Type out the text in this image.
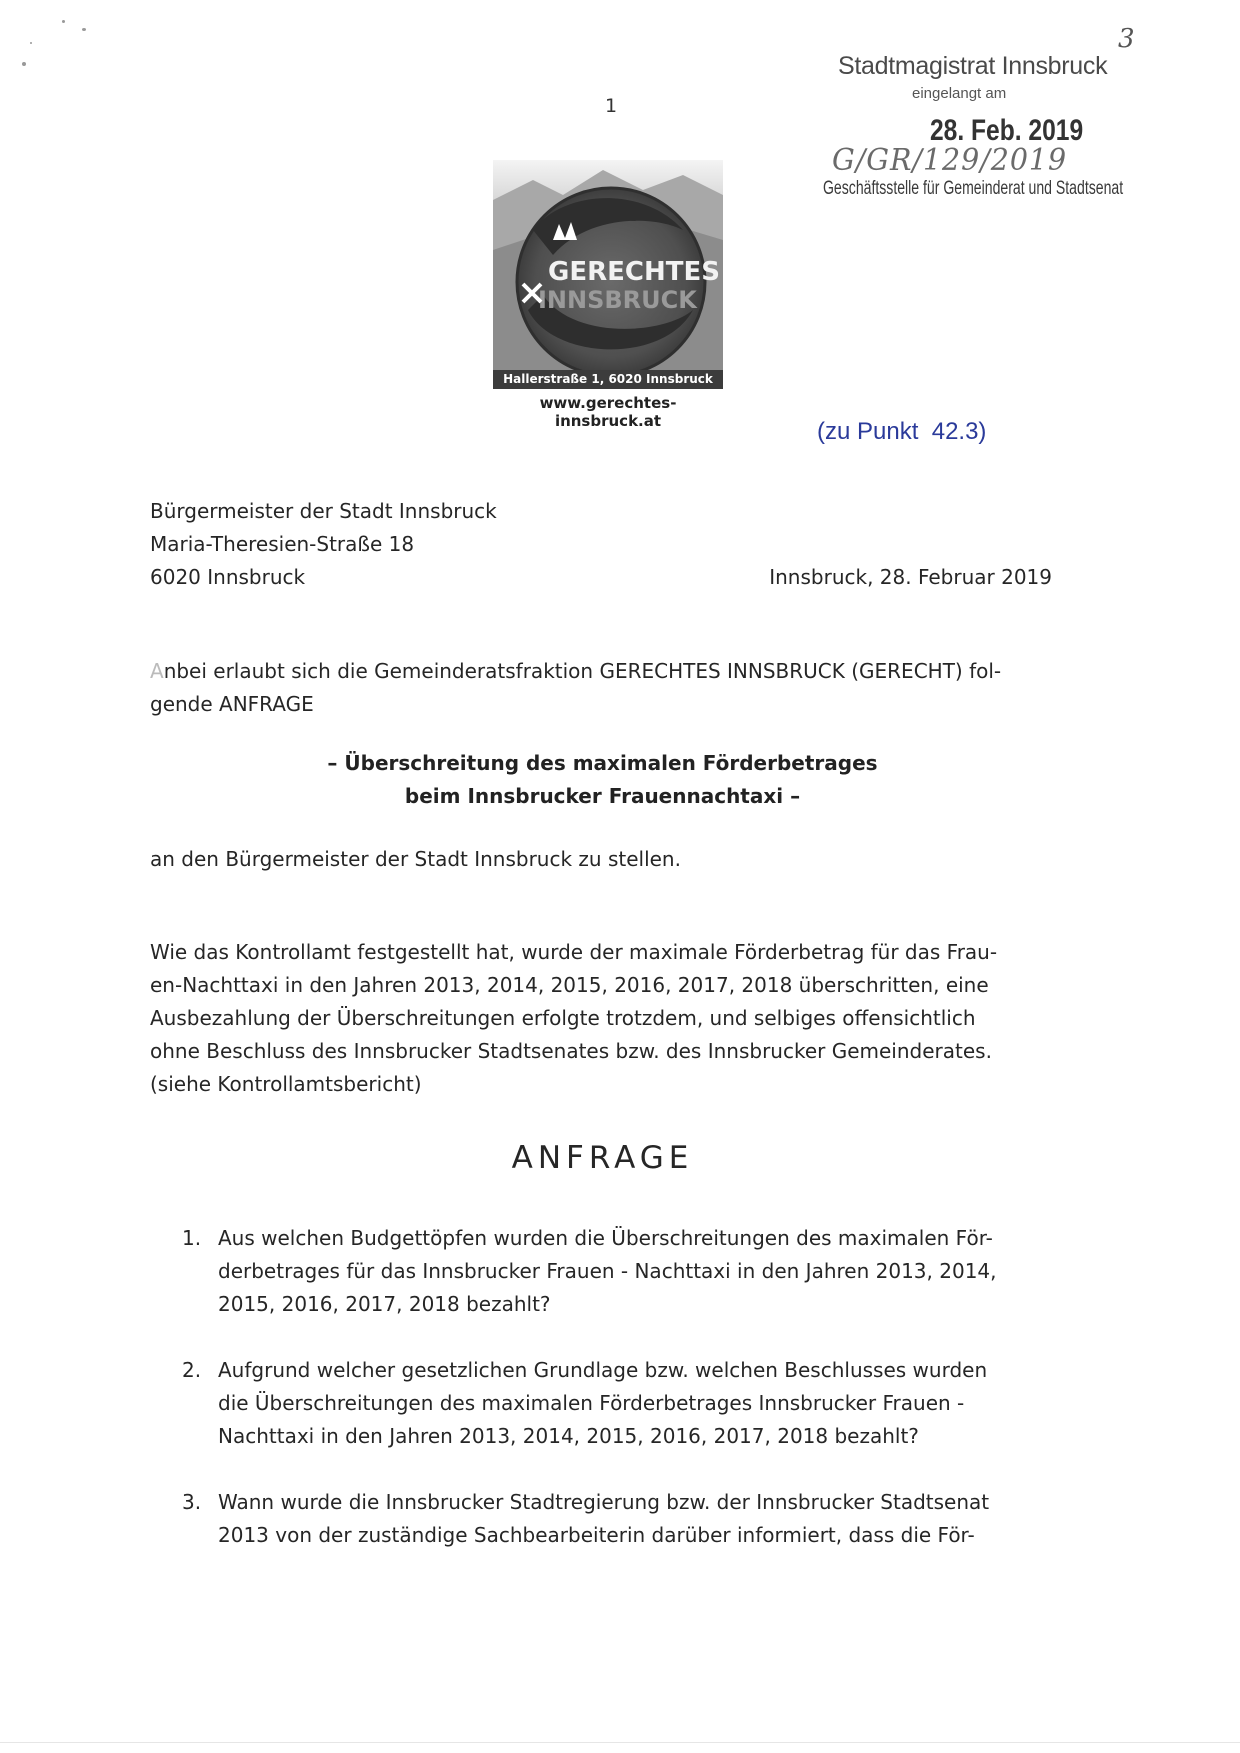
1
Stadtmagistrat Innsbruck
3
eingelangt am
28. Feb. 2019
G/GR/129/2019
Geschäftsstelle für Gemeinderat und Stadtsenat
GERECHTES
INNSBRUCK
Hallerstraße 1, 6020 Innsbruck
www.gerechtes-innsbruck.at	(zu Punkt  42.3)
Bürgermeister der Stadt Innsbruck
Maria-Theresien-Straße 18
6020 Innsbruck	Innsbruck, 28. Februar 2019
Anbei erlaubt sich die Gemeinderatsfraktion GERECHTES INNSBRUCK (GERECHT) fol-
gende ANFRAGE
– Überschreitung des maximalen Förderbetrages
beim Innsbrucker Frauennachtaxi –
an den Bürgermeister der Stadt Innsbruck zu stellen.
Wie das Kontrollamt festgestellt hat, wurde der maximale Förderbetrag für das Frau-
en-Nachttaxi in den Jahren 2013, 2014, 2015, 2016, 2017, 2018 überschritten, eine
Ausbezahlung der Überschreitungen erfolgte trotzdem, und selbiges offensichtlich
ohne Beschluss des Innsbrucker Stadtsenates bzw. des Innsbrucker Gemeinderates.
(siehe Kontrollamtsbericht)
ANFRAGE
1. Aus welchen Budgettöpfen wurden die Überschreitungen des maximalen För-
derbetrages für das Innsbrucker Frauen - Nachttaxi in den Jahren 2013, 2014,
2015, 2016, 2017, 2018 bezahlt?
2. Aufgrund welcher gesetzlichen Grundlage bzw. welchen Beschlusses wurden
die Überschreitungen des maximalen Förderbetrages Innsbrucker Frauen -
Nachttaxi in den Jahren 2013, 2014, 2015, 2016, 2017, 2018 bezahlt?
3. Wann wurde die Innsbrucker Stadtregierung bzw. der Innsbrucker Stadtsenat
2013 von der zuständige Sachbearbeiterin darüber informiert, dass die För-
